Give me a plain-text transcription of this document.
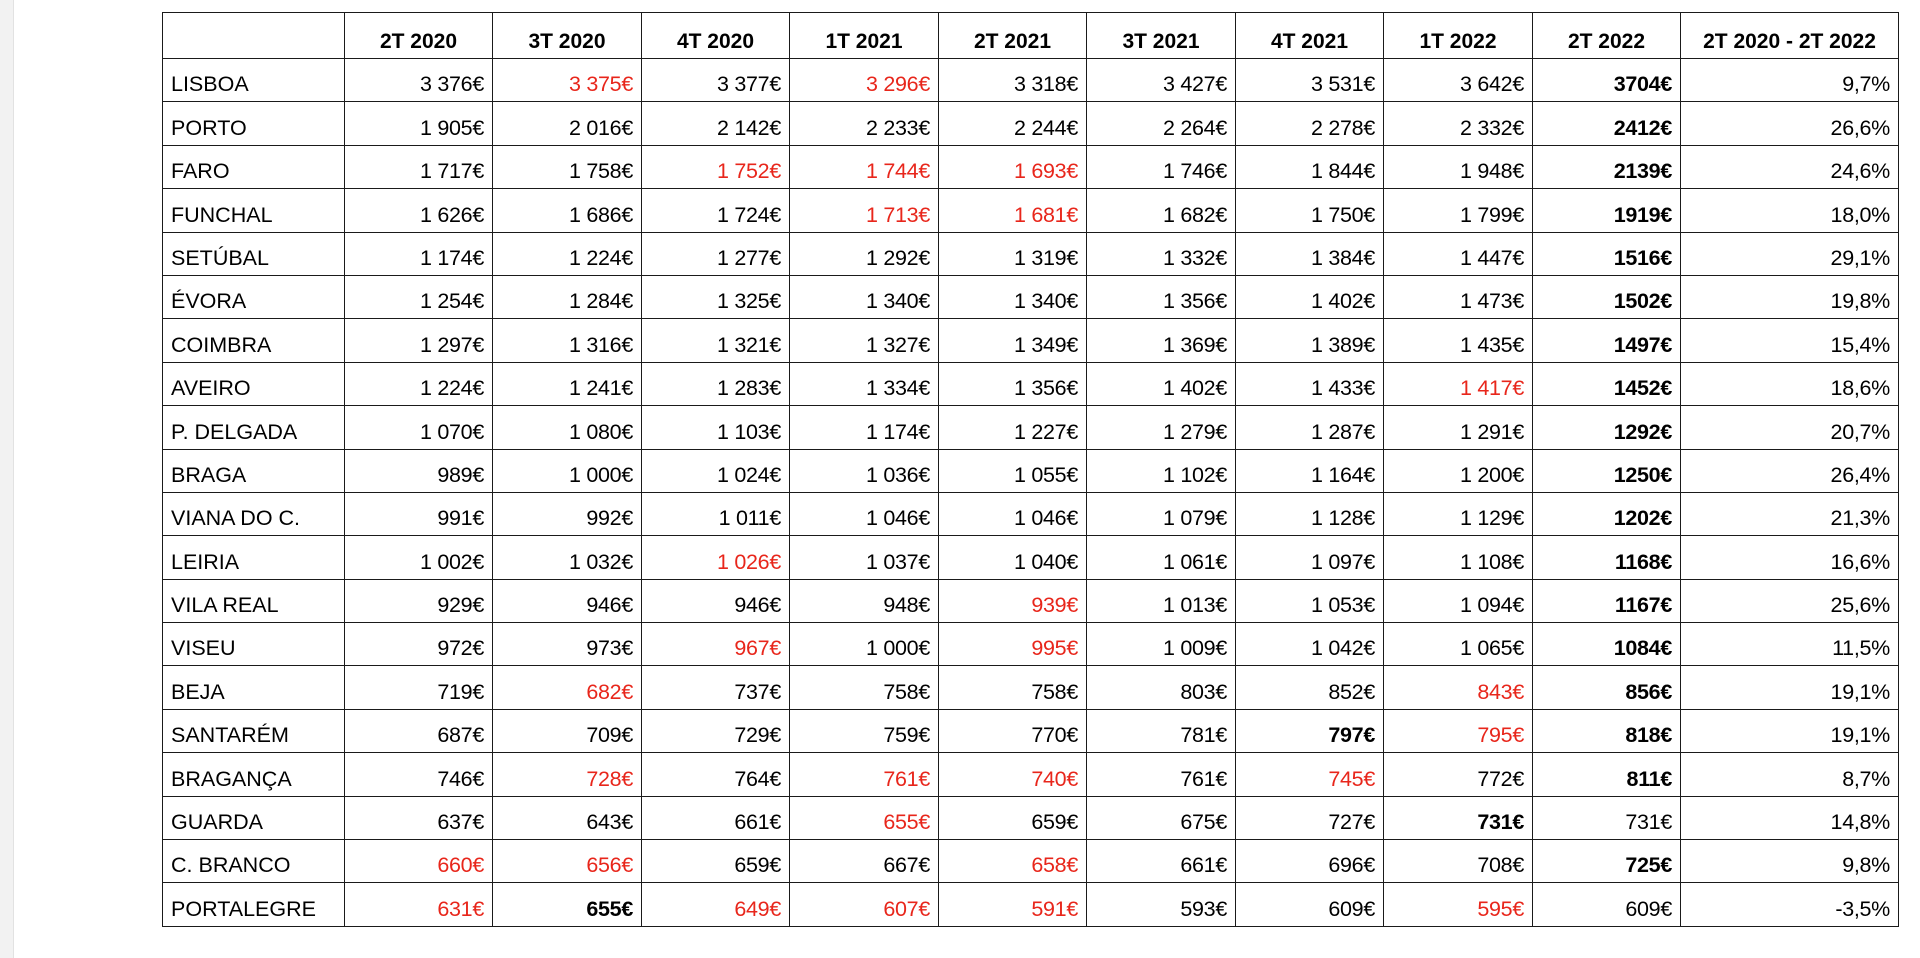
	2T 2020	3T 2020	4T 2020	1T 2021	2T 2021	3T 2021	4T 2021	1T 2022	2T 2022	2T 2020 - 2T 2022
LISBOA	3 376€	3 375€	3 377€	3 296€	3 318€	3 427€	3 531€	3 642€	3704€	9,7%
PORTO	1 905€	2 016€	2 142€	2 233€	2 244€	2 264€	2 278€	2 332€	2412€	26,6%
FARO	1 717€	1 758€	1 752€	1 744€	1 693€	1 746€	1 844€	1 948€	2139€	24,6%
FUNCHAL	1 626€	1 686€	1 724€	1 713€	1 681€	1 682€	1 750€	1 799€	1919€	18,0%
SETÚBAL	1 174€	1 224€	1 277€	1 292€	1 319€	1 332€	1 384€	1 447€	1516€	29,1%
ÉVORA	1 254€	1 284€	1 325€	1 340€	1 340€	1 356€	1 402€	1 473€	1502€	19,8%
COIMBRA	1 297€	1 316€	1 321€	1 327€	1 349€	1 369€	1 389€	1 435€	1497€	15,4%
AVEIRO	1 224€	1 241€	1 283€	1 334€	1 356€	1 402€	1 433€	1 417€	1452€	18,6%
P. DELGADA	1 070€	1 080€	1 103€	1 174€	1 227€	1 279€	1 287€	1 291€	1292€	20,7%
BRAGA	989€	1 000€	1 024€	1 036€	1 055€	1 102€	1 164€	1 200€	1250€	26,4%
VIANA DO C.	991€	992€	1 011€	1 046€	1 046€	1 079€	1 128€	1 129€	1202€	21,3%
LEIRIA	1 002€	1 032€	1 026€	1 037€	1 040€	1 061€	1 097€	1 108€	1168€	16,6%
VILA REAL	929€	946€	946€	948€	939€	1 013€	1 053€	1 094€	1167€	25,6%
VISEU	972€	973€	967€	1 000€	995€	1 009€	1 042€	1 065€	1084€	11,5%
BEJA	719€	682€	737€	758€	758€	803€	852€	843€	856€	19,1%
SANTARÉM	687€	709€	729€	759€	770€	781€	797€	795€	818€	19,1%
BRAGANÇA	746€	728€	764€	761€	740€	761€	745€	772€	811€	8,7%
GUARDA	637€	643€	661€	655€	659€	675€	727€	731€	731€	14,8%
C. BRANCO	660€	656€	659€	667€	658€	661€	696€	708€	725€	9,8%
PORTALEGRE	631€	655€	649€	607€	591€	593€	609€	595€	609€	-3,5%
